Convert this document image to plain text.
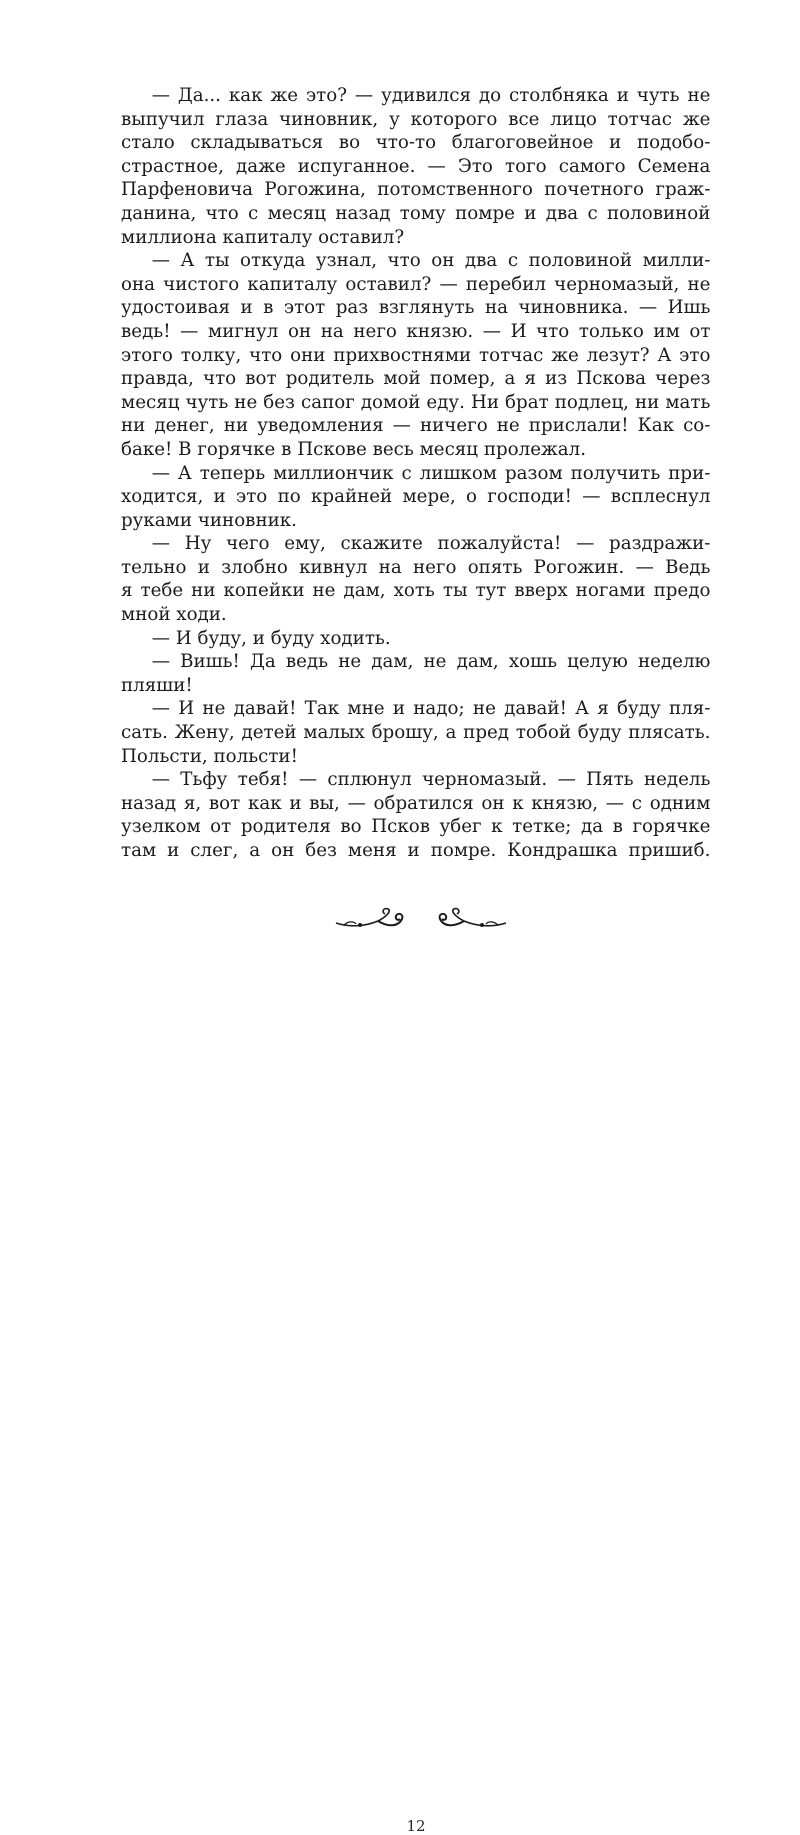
— Да... как же это? — удивился до столбняка и чуть не
выпучил глаза чиновник, у которого все лицо тотчас же
стало складываться во что-то благоговейное и подобо-
страстное, даже испуганное. — Это того самого Семена
Парфеновича Рогожина, потомственного почетного граж-
данина, что с месяц назад тому помре и два с половиной
миллиона капиталу оставил?
— А ты откуда узнал, что он два с половиной милли-
она чистого капиталу оставил? — перебил черномазый, не
удостоивая и в этот раз взглянуть на чиновника. — Ишь
ведь! — мигнул он на него князю. — И что только им от
этого толку, что они прихвостнями тотчас же лезут? А это
правда, что вот родитель мой помер, а я из Пскова через
месяц чуть не без сапог домой еду. Ни брат подлец, ни мать
ни денег, ни уведомления — ничего не прислали! Как со-
баке! В горячке в Пскове весь месяц пролежал.
— А теперь миллиончик с лишком разом получить при-
ходится, и это по крайней мере, о господи! — всплеснул
руками чиновник.
— Ну чего ему, скажите пожалуйста! — раздражи-
тельно и злобно кивнул на него опять Рогожин. — Ведь
я тебе ни копейки не дам, хоть ты тут вверх ногами предо
мной ходи.
— И буду, и буду ходить.
— Вишь! Да ведь не дам, не дам, хошь целую неделю
пляши!
— И не давай! Так мне и надо; не давай! А я буду пля-
сать. Жену, детей малых брошу, а пред тобой буду плясать.
Польсти, польсти!
— Тьфу тебя! — сплюнул черномазый. — Пять недель
назад я, вот как и вы, — обратился он к князю, — с одним
узелком от родителя во Псков убег к тетке; да в горячке
там и слег, а он без меня и помре. Кондрашка пришиб.
12
